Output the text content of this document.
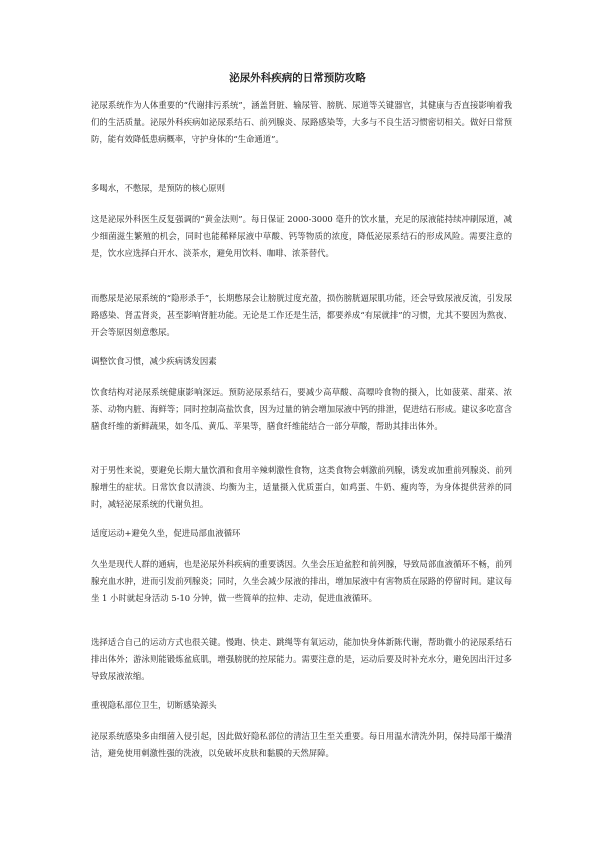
泌尿外科疾病的日常预防攻略

泌尿系统作为人体重要的“代谢排污系统”，涵盖肾脏、输尿管、膀胱、尿道等关键器官，其健康与否直接影响着我们的生活质量。泌尿外科疾病如泌尿系结石、前列腺炎、尿路感染等，大多与不良生活习惯密切相关。做好日常预防，能有效降低患病概率，守护身体的“生命通道”。

多喝水，不憋尿，是预防的核心原则

这是泌尿外科医生反复强调的“黄金法则”。每日保证 2000-3000 毫升的饮水量，充足的尿液能持续冲刷尿道，减少细菌滋生繁殖的机会，同时也能稀释尿液中草酸、钙等物质的浓度，降低泌尿系结石的形成风险。需要注意的是，饮水应选择白开水、淡茶水，避免用饮料、咖啡、浓茶替代。

而憋尿是泌尿系统的“隐形杀手”，长期憋尿会让膀胱过度充盈，损伤膀胱逼尿肌功能，还会导致尿液反流，引发尿路感染、肾盂肾炎，甚至影响肾脏功能。无论是工作还是生活，都要养成“有尿就排”的习惯，尤其不要因为熬夜、开会等原因刻意憋尿。

调整饮食习惯，减少疾病诱发因素

饮食结构对泌尿系统健康影响深远。预防泌尿系结石，要减少高草酸、高嘌呤食物的摄入，比如菠菜、甜菜、浓茶、动物内脏、海鲜等；同时控制高盐饮食，因为过量的钠会增加尿液中钙的排泄，促进结石形成。建议多吃富含膳食纤维的新鲜蔬果，如冬瓜、黄瓜、苹果等，膳食纤维能结合一部分草酸，帮助其排出体外。

对于男性来说，要避免长期大量饮酒和食用辛辣刺激性食物，这类食物会刺激前列腺，诱发或加重前列腺炎、前列腺增生的症状。日常饮食以清淡、均衡为主，适量摄入优质蛋白，如鸡蛋、牛奶、瘦肉等，为身体提供营养的同时，减轻泌尿系统的代谢负担。

适度运动+避免久坐，促进局部血液循环

久坐是现代人群的通病，也是泌尿外科疾病的重要诱因。久坐会压迫盆腔和前列腺，导致局部血液循环不畅，前列腺充血水肿，进而引发前列腺炎；同时，久坐会减少尿液的排出，增加尿液中有害物质在尿路的停留时间。建议每坐 1 小时就起身活动 5-10 分钟，做一些简单的拉伸、走动，促进血液循环。

选择适合自己的运动方式也很关键。慢跑、快走、跳绳等有氧运动，能加快身体新陈代谢，帮助微小的泌尿系结石排出体外；游泳则能锻炼盆底肌，增强膀胱的控尿能力。需要注意的是，运动后要及时补充水分，避免因出汗过多导致尿液浓缩。

重视隐私部位卫生，切断感染源头

泌尿系统感染多由细菌入侵引起，因此做好隐私部位的清洁卫生至关重要。每日用温水清洗外阴，保持局部干燥清洁，避免使用刺激性强的洗液，以免破坏皮肤和黏膜的天然屏障。
